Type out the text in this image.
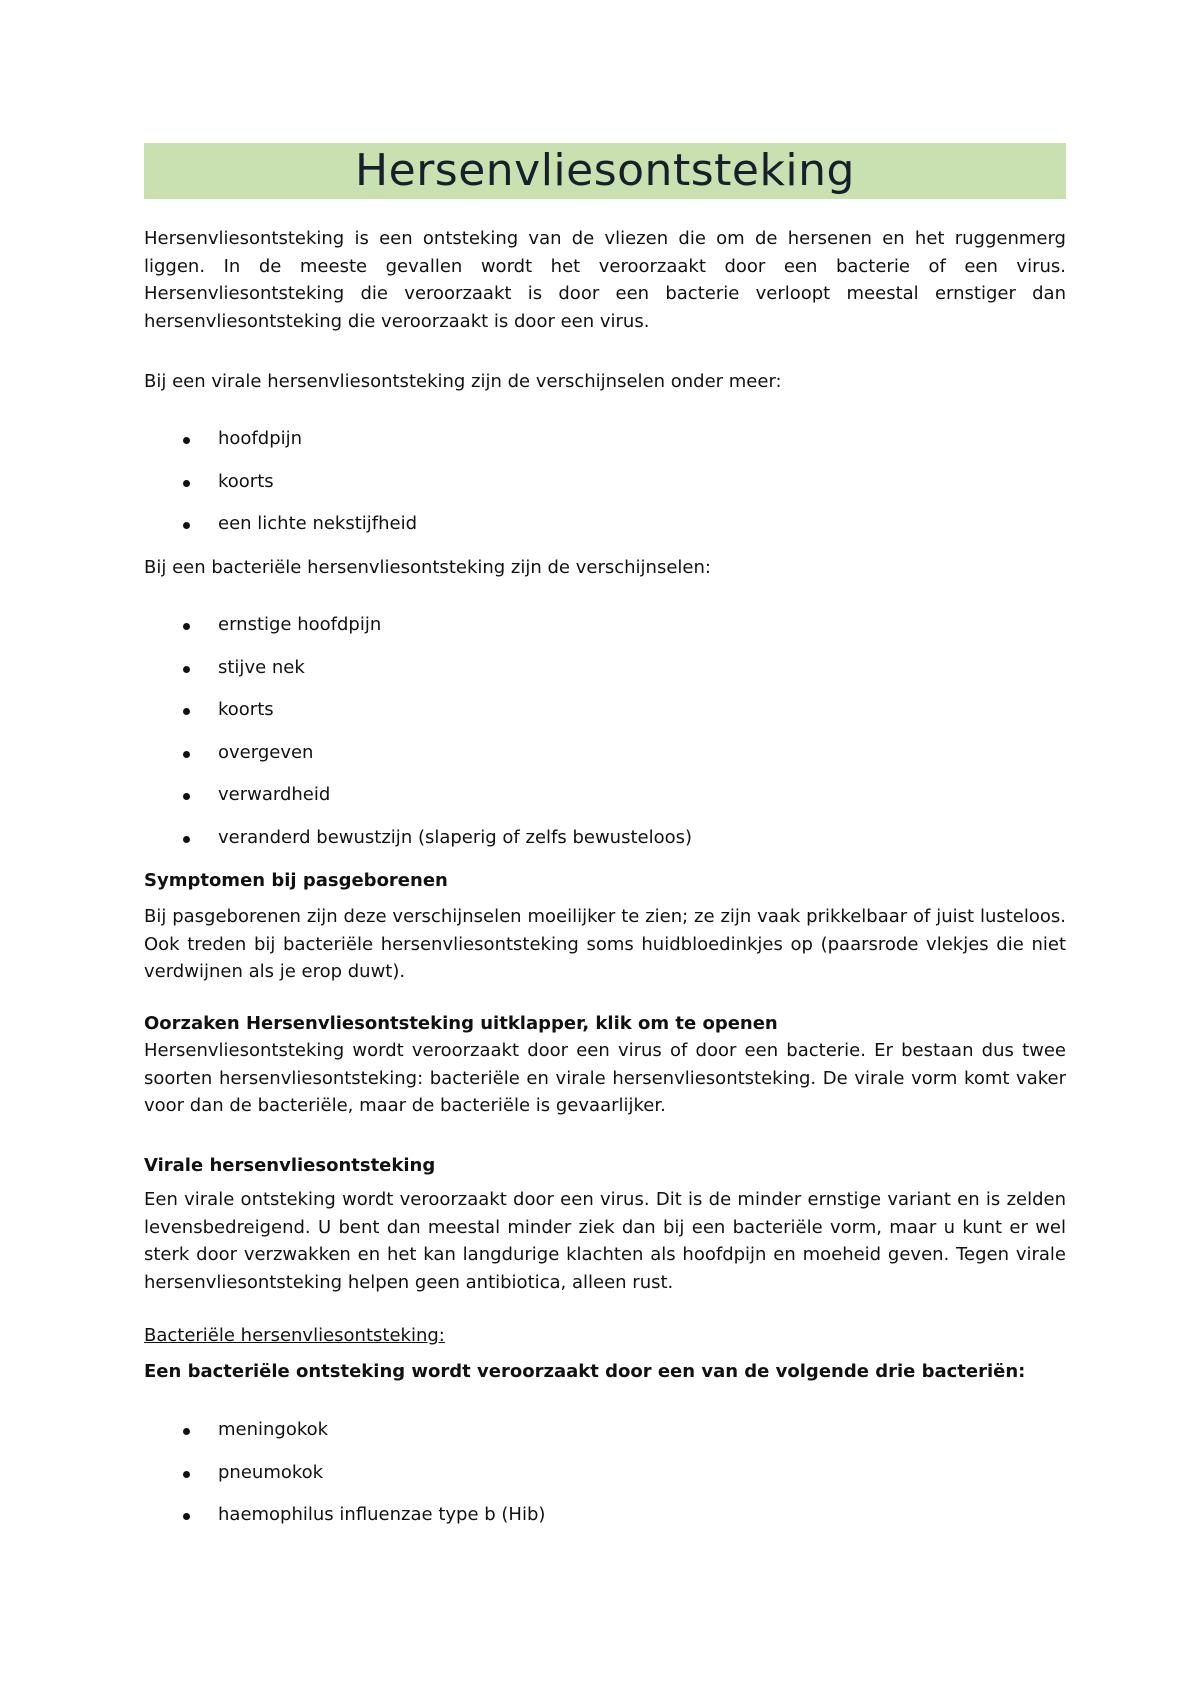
Hersenvliesontsteking
Hersenvliesontsteking is een ontsteking van de vliezen die om de hersenen en het ruggenmerg liggen. In de meeste gevallen wordt het veroorzaakt door een bacterie of een virus. Hersenvliesontsteking die veroorzaakt is door een bacterie verloopt meestal ernstiger dan hersenvliesontsteking die veroorzaakt is door een virus.
Bij een virale hersenvliesontsteking zijn de verschijnselen onder meer:
hoofdpijn
koorts
een lichte nekstijfheid
Bij een bacteriële hersenvliesontsteking zijn de verschijnselen:
ernstige hoofdpijn
stijve nek
koorts
overgeven
verwardheid
veranderd bewustzijn (slaperig of zelfs bewusteloos)
Symptomen bij pasgeborenen
Bij pasgeborenen zijn deze verschijnselen moeilijker te zien; ze zijn vaak prikkelbaar of juist lusteloos. Ook treden bij bacteriële hersenvliesontsteking soms huidbloedinkjes op (paarsrode vlekjes die niet verdwijnen als je erop duwt).
Oorzaken Hersenvliesontsteking uitklapper, klik om te openen
Hersenvliesontsteking wordt veroorzaakt door een virus of door een bacterie. Er bestaan dus twee soorten hersenvliesontsteking: bacteriële en virale hersenvliesontsteking. De virale vorm komt vaker voor dan de bacteriële, maar de bacteriële is gevaarlijker.
Virale hersenvliesontsteking
Een virale ontsteking wordt veroorzaakt door een virus. Dit is de minder ernstige variant en is zelden levensbedreigend. U bent dan meestal minder ziek dan bij een bacteriële vorm, maar u kunt er wel sterk door verzwakken en het kan langdurige klachten als hoofdpijn en moeheid geven. Tegen virale hersenvliesontsteking helpen geen antibiotica, alleen rust.
Bacteriële hersenvliesontsteking:
Een bacteriële ontsteking wordt veroorzaakt door een van de volgende drie bacteriën:
meningokok
pneumokok
haemophilus influenzae type b (Hib)
